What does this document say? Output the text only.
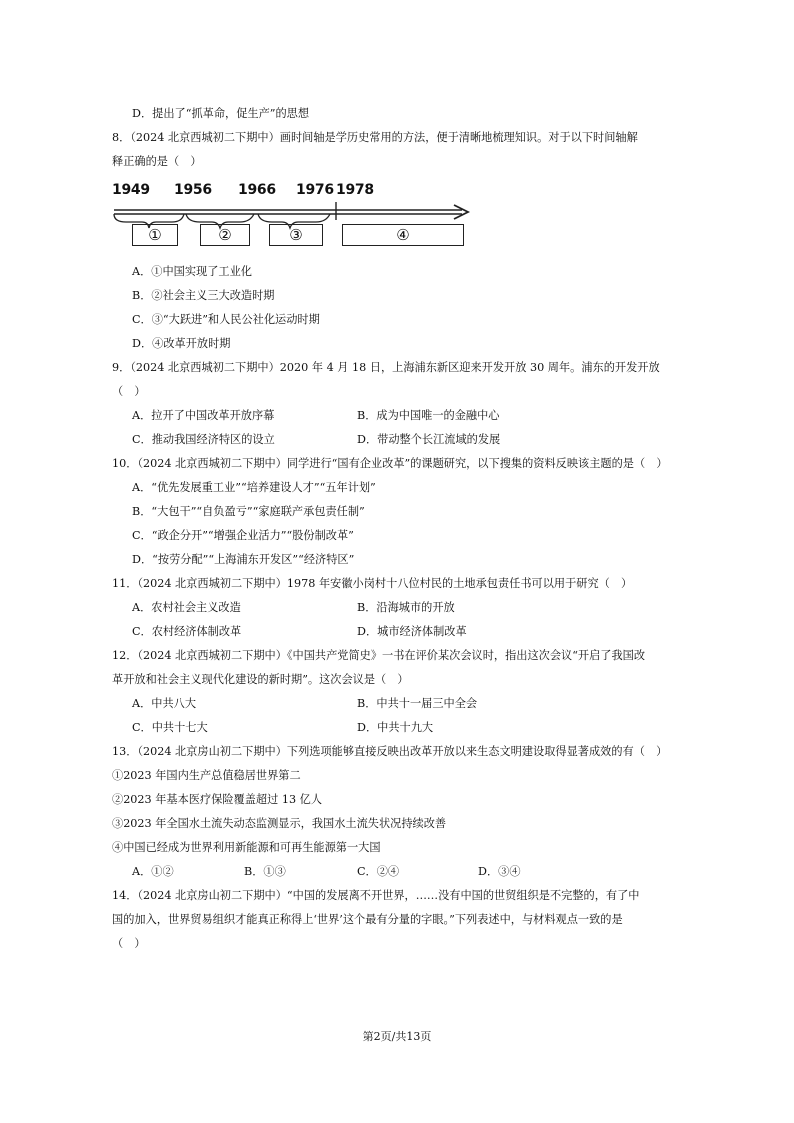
D．提出了“抓革命，促生产”的思想
8．（2024 北京西城初二下期中）画时间轴是学历史常用的方法，便于清晰地梳理知识。对于以下时间轴解
释正确的是（　）
1949 1956 1966 1976 1978
①	②	③	④
A．①中国实现了工业化
B．②社会主义三大改造时期
C．③“大跃进”和人民公社化运动时期
D．④改革开放时期
9．（2024 北京西城初二下期中）2020 年 4 月 18 日，上海浦东新区迎来开发开放 30 周年。浦东的开发开放
（　）
A．拉开了中国改革开放序幕	B．成为中国唯一的金融中心
C．推动我国经济特区的设立	D．带动整个长江流域的发展
10．（2024 北京西城初二下期中）同学进行“国有企业改革”的课题研究，以下搜集的资料反映该主题的是（　）
A．“优先发展重工业”“培养建设人才”“五年计划”
B．“大包干”“自负盈亏”“家庭联产承包责任制”
C．“政企分开”“增强企业活力”“股份制改革”
D．“按劳分配”“上海浦东开发区”“经济特区”
11．（2024 北京西城初二下期中）1978 年安徽小岗村十八位村民的土地承包责任书可以用于研究（　）
A．农村社会主义改造	B．沿海城市的开放
C．农村经济体制改革	D．城市经济体制改革
12．（2024 北京西城初二下期中）《中国共产党简史》一书在评价某次会议时，指出这次会议“开启了我国改
革开放和社会主义现代化建设的新时期”。这次会议是（　）
A．中共八大	B．中共十一届三中全会
C．中共十七大	D．中共十九大
13．（2024 北京房山初二下期中）下列选项能够直接反映出改革开放以来生态文明建设取得显著成效的有（　）
①2023 年国内生产总值稳居世界第二
②2023 年基本医疗保险覆盖超过 13 亿人
③2023 年全国水土流失动态监测显示，我国水土流失状况持续改善
④中国已经成为世界利用新能源和可再生能源第一大国
A．①②	B．①③	C．②④	D．③④
14．（2024 北京房山初二下期中）“中国的发展离不开世界，……没有中国的世贸组织是不完整的，有了中
国的加入，世界贸易组织才能真正称得上‘世界’这个最有分量的字眼。”下列表述中，与材料观点一致的是
（　）
第2页/共13页
